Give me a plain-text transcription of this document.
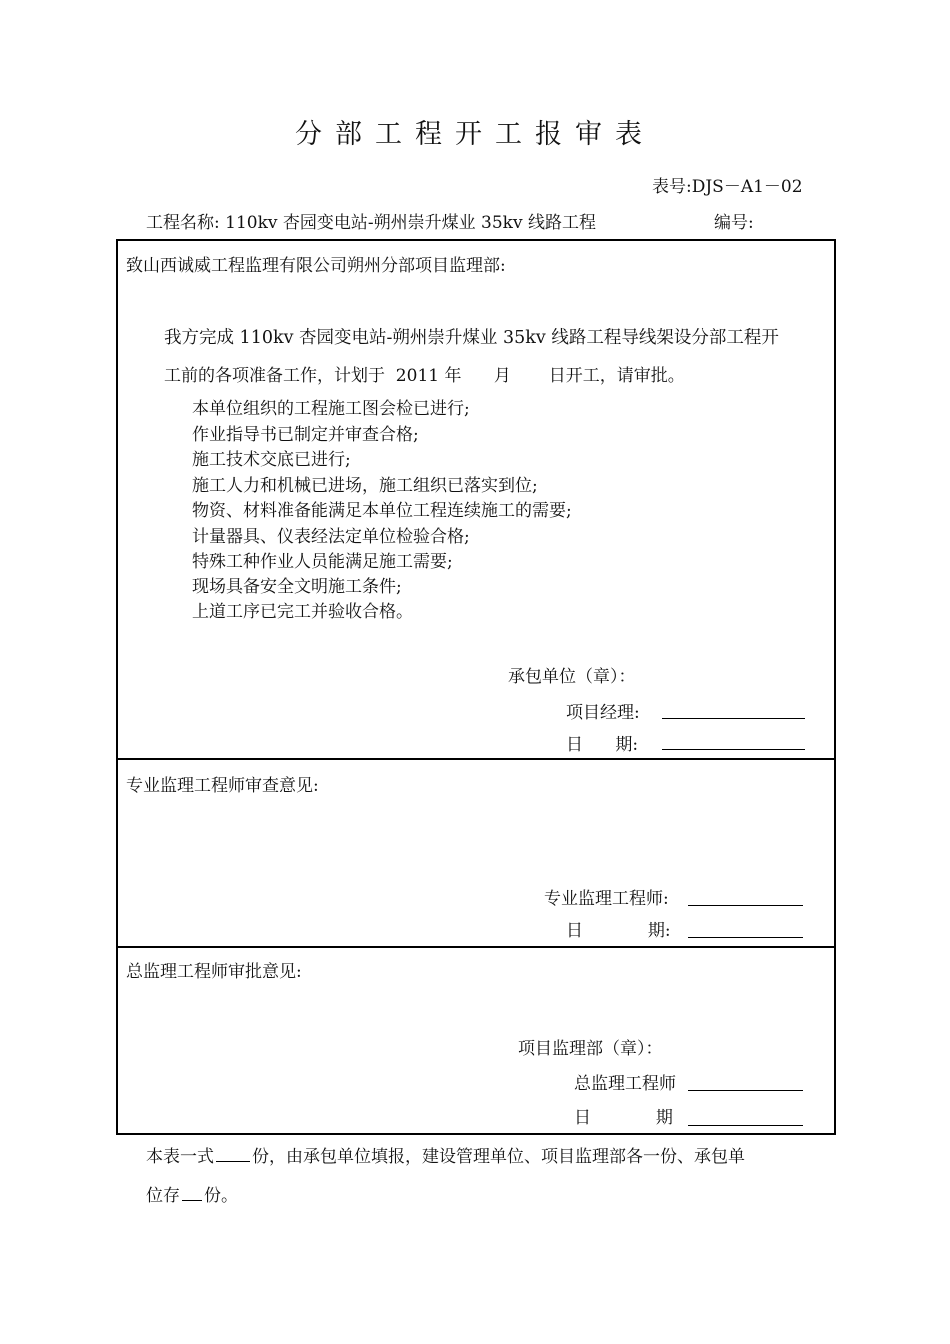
分部工程开工报审表
表号:DJS－A1－02
工程名称: 110kv 杏园变电站-朔州崇升煤业 35kv 线路工程	编号:
致山西诚威工程监理有限公司朔州分部项目监理部:
我方完成 110kv 杏园变电站-朔州崇升煤业 35kv 线路工程导线架设分部工程开
工前的各项准备工作，计划于  2011 年      月       日开工，请审批。
本单位组织的工程施工图会检已进行;
作业指导书已制定并审查合格;
施工技术交底已进行;
施工人力和机械已进场，施工组织已落实到位;
物资、材料准备能满足本单位工程连续施工的需要;
计量器具、仪表经法定单位检验合格;
特殊工种作业人员能满足施工需要;
现场具备安全文明施工条件;
上道工序已完工并验收合格。
承包单位（章）：
项目经理:
日      期:
专业监理工程师审查意见:
专业监理工程师:
日            期:
总监理工程师审批意见:
项目监理部（章）：
总监理工程师
日            期
本表一式 份，由承包单位填报，建设管理单位、项目监理部各一份、承包单
位存 份。
